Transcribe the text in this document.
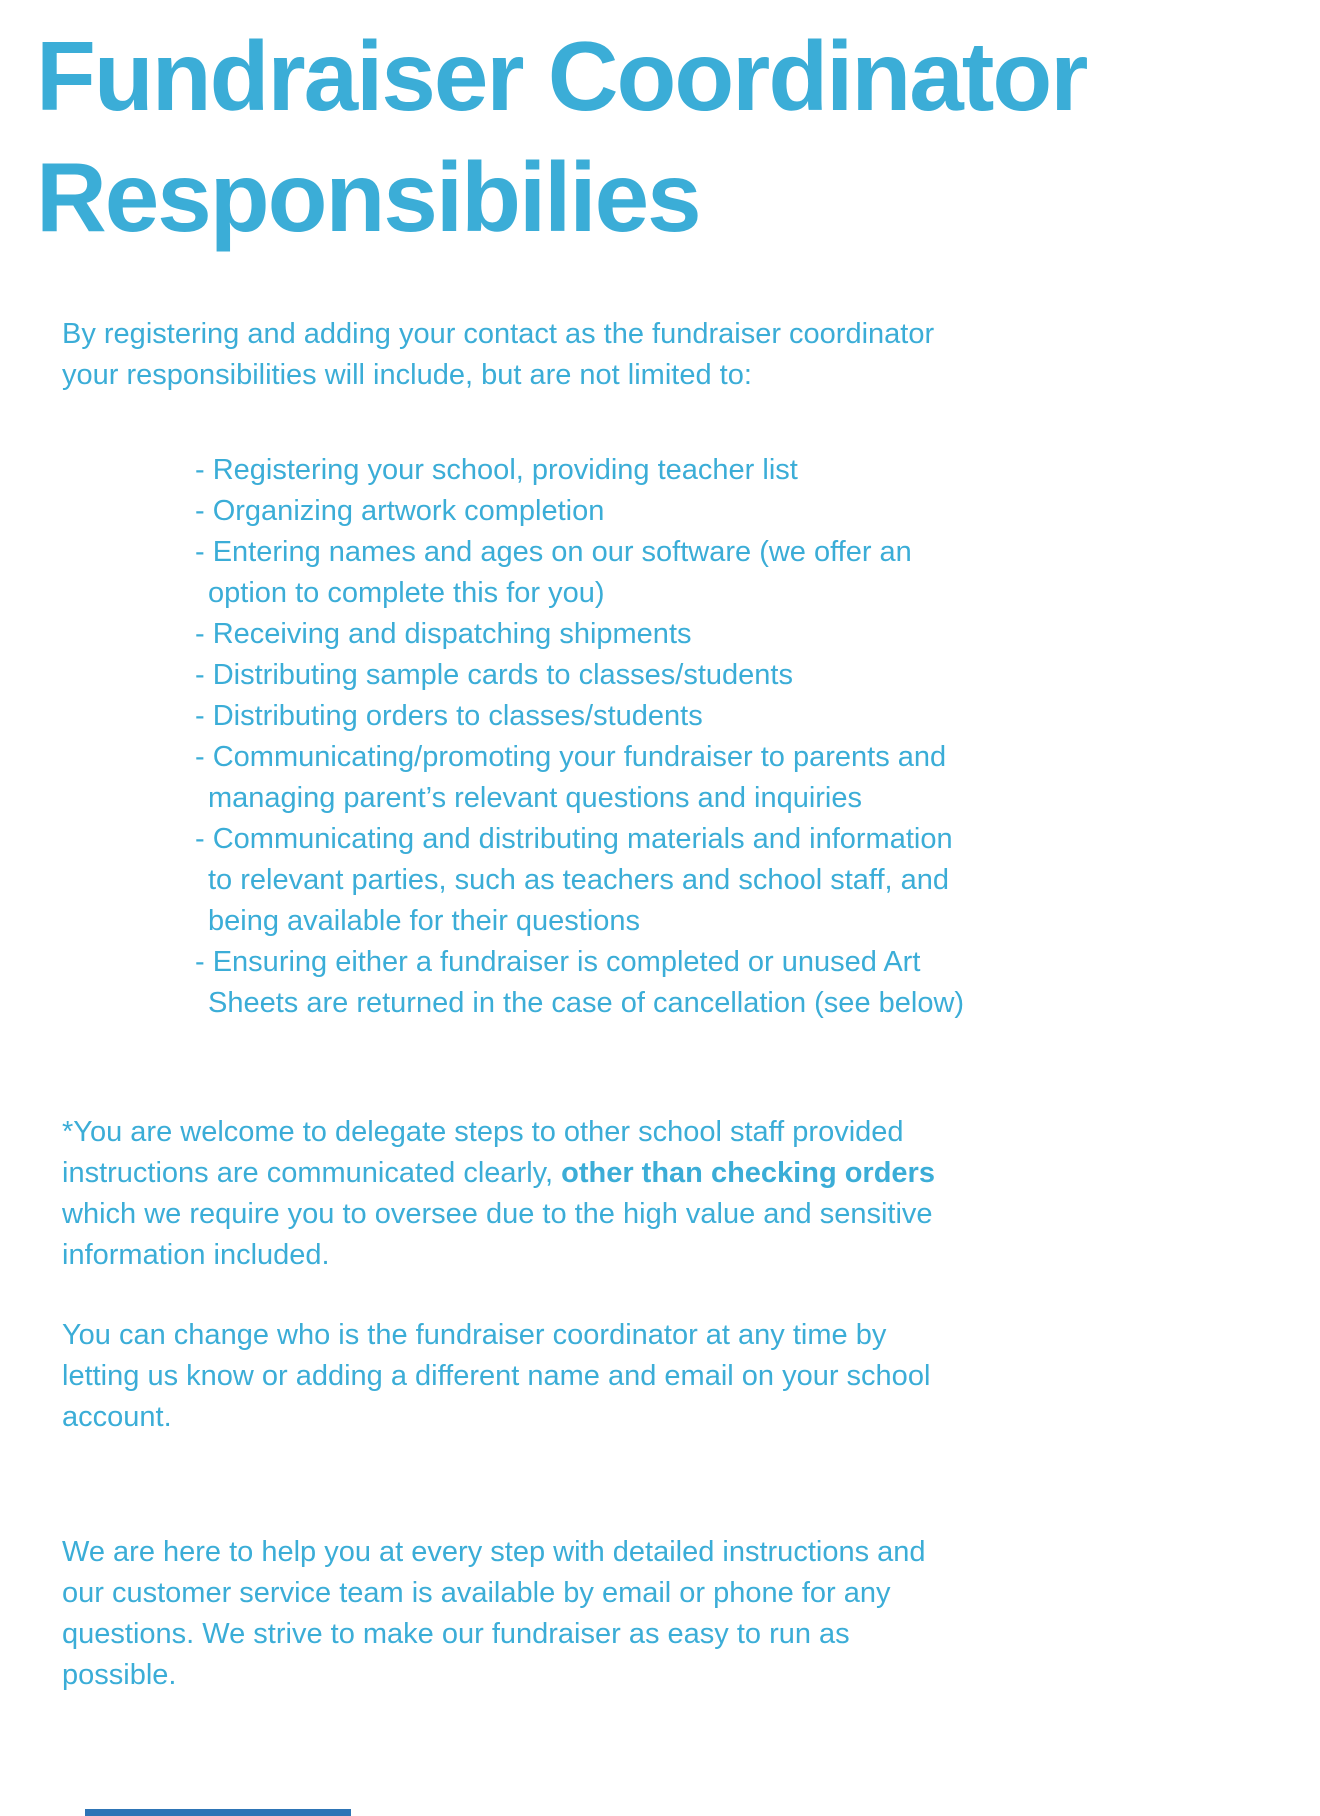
Fundraiser Coordinator Responsibilies
By registering and adding your contact as the fundraiser coordinator
your responsibilities will include, but are not limited to:
- Registering your school, providing teacher list
- Organizing artwork completion
- Entering names and ages on our software (we offer an
option to complete this for you)
- Receiving and dispatching shipments
- Distributing sample cards to classes/students
- Distributing orders to classes/students
- Communicating/promoting your fundraiser to parents and
managing parent’s relevant questions and inquiries
- Communicating and distributing materials and information
to relevant parties, such as teachers and school staff, and
being available for their questions
- Ensuring either a fundraiser is completed or unused Art
Sheets are returned in the case of cancellation (see below)
*You are welcome to delegate steps to other school staff provided
instructions are communicated clearly, other than checking orders
which we require you to oversee due to the high value and sensitive
information included.
You can change who is the fundraiser coordinator at any time by
letting us know or adding a different name and email on your school
account.
We are here to help you at every step with detailed instructions and
our customer service team is available by email or phone for any
questions. We strive to make our fundraiser as easy to run as
possible.
